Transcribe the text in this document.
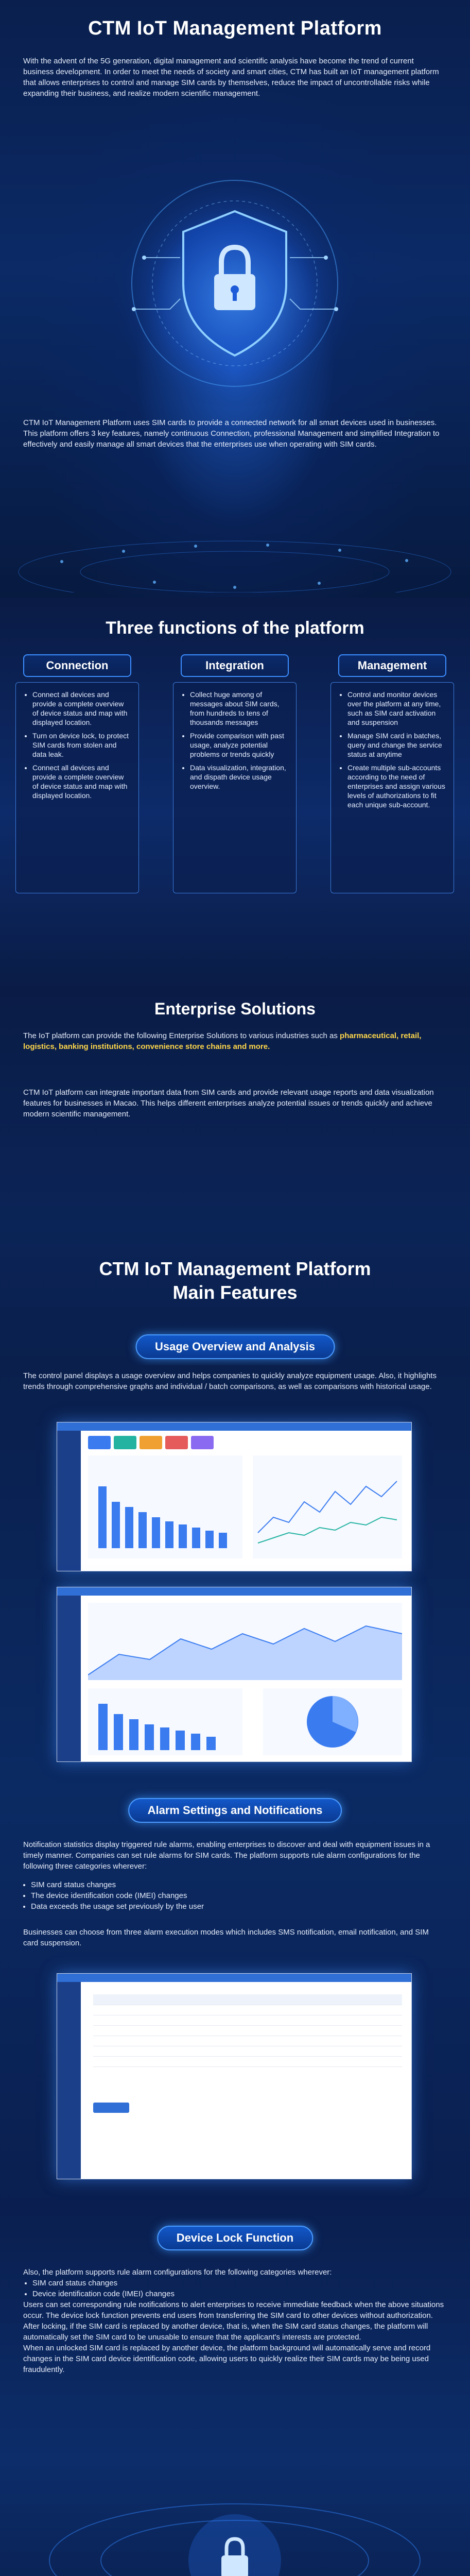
CTM IoT Management Platform

With the advent of the 5G generation, digital management and scientific analysis have become the trend of current business development. In order to meet the needs of society and smart cities, CTM has built an IoT management platform that allows enterprises to control and manage SIM cards by themselves, reduce the impact of uncontrollable risks while expanding their business, and realize modern scientific management.

CTM IoT Management Platform uses SIM cards to provide a connected network for all smart devices used in businesses. This platform offers 3 key features, namely continuous Connection, professional Management and simplified Integration to effectively and easily manage all smart devices that the enterprises use when operating with SIM cards.

Three functions of the platform
Connection
• Connect all devices and provide a complete overview of device status and map with displayed location.
• Turn on device lock, to protect SIM cards from stolen and data leak.
• Connect all devices and provide a complete overview of device status and map with displayed location.
Integration
• Collect huge among of messages about SIM cards, from hundreds to tens of thousands messages
• Provide comparison with past usage, analyze potential problems or trends quickly
• Data visualization, integration, and dispath device usage overview.
Management
• Control and monitor devices over the platform at any time, such as SIM card activation and suspension
• Manage SIM card in batches, query and change the service status at anytime
• Create multiple sub-accounts according to the need of enterprises and assign various levels of authorizations to fit each unique sub-account.
Enterprise Solutions

The IoT platform can provide the following Enterprise Solutions to various industries such as pharmaceutical, retail, logistics, banking institutions, convenience store chains and more.

CTM IoT platform can integrate important data from SIM cards and provide relevant usage reports and data visualization features for businesses in Macao. This helps different enterprises analyze potential issues or trends quickly and achieve modern scientific management.

CTM IoT Management Platform
Main Features
Usage Overview and Analysis

The control panel displays a usage overview and helps companies to quickly analyze equipment usage. Also, it highlights trends through comprehensive graphs and individual / batch comparisons, as well as comparisons with historical usage.

Alarm Settings and Notifications

Notification statistics display triggered rule alarms, enabling enterprises to discover and deal with equipment issues in a timely manner. Companies can set rule alarms for SIM cards. The platform supports rule alarm configurations for the following three categories wherever:

• SIM card status changes
• The device identification code (IMEI) changes
• Data exceeds the usage set previously by the user

Businesses can choose from three alarm execution modes which includes SMS notification, email notification, and SIM card suspension.

Device Lock Function

Also, the platform supports rule alarm configurations for the following categories wherever:

• SIM card status changes
• Device identification code (IMEI) changes

Users can set corresponding rule notifications to alert enterprises to receive immediate feedback when the above situations occur. The device lock function prevents end users from transferring the SIM card to other devices without authorization.

After locking, if the SIM card is replaced by another device, that is, when the SIM card status changes, the platform will automatically set the SIM card to be unusable to ensure that the applicant's interests are protected.

When an unlocked SIM card is replaced by another device, the platform background will automatically serve and record changes in the SIM card device identification code, allowing users to quickly realize their SIM cards may be being used fraudulently.
